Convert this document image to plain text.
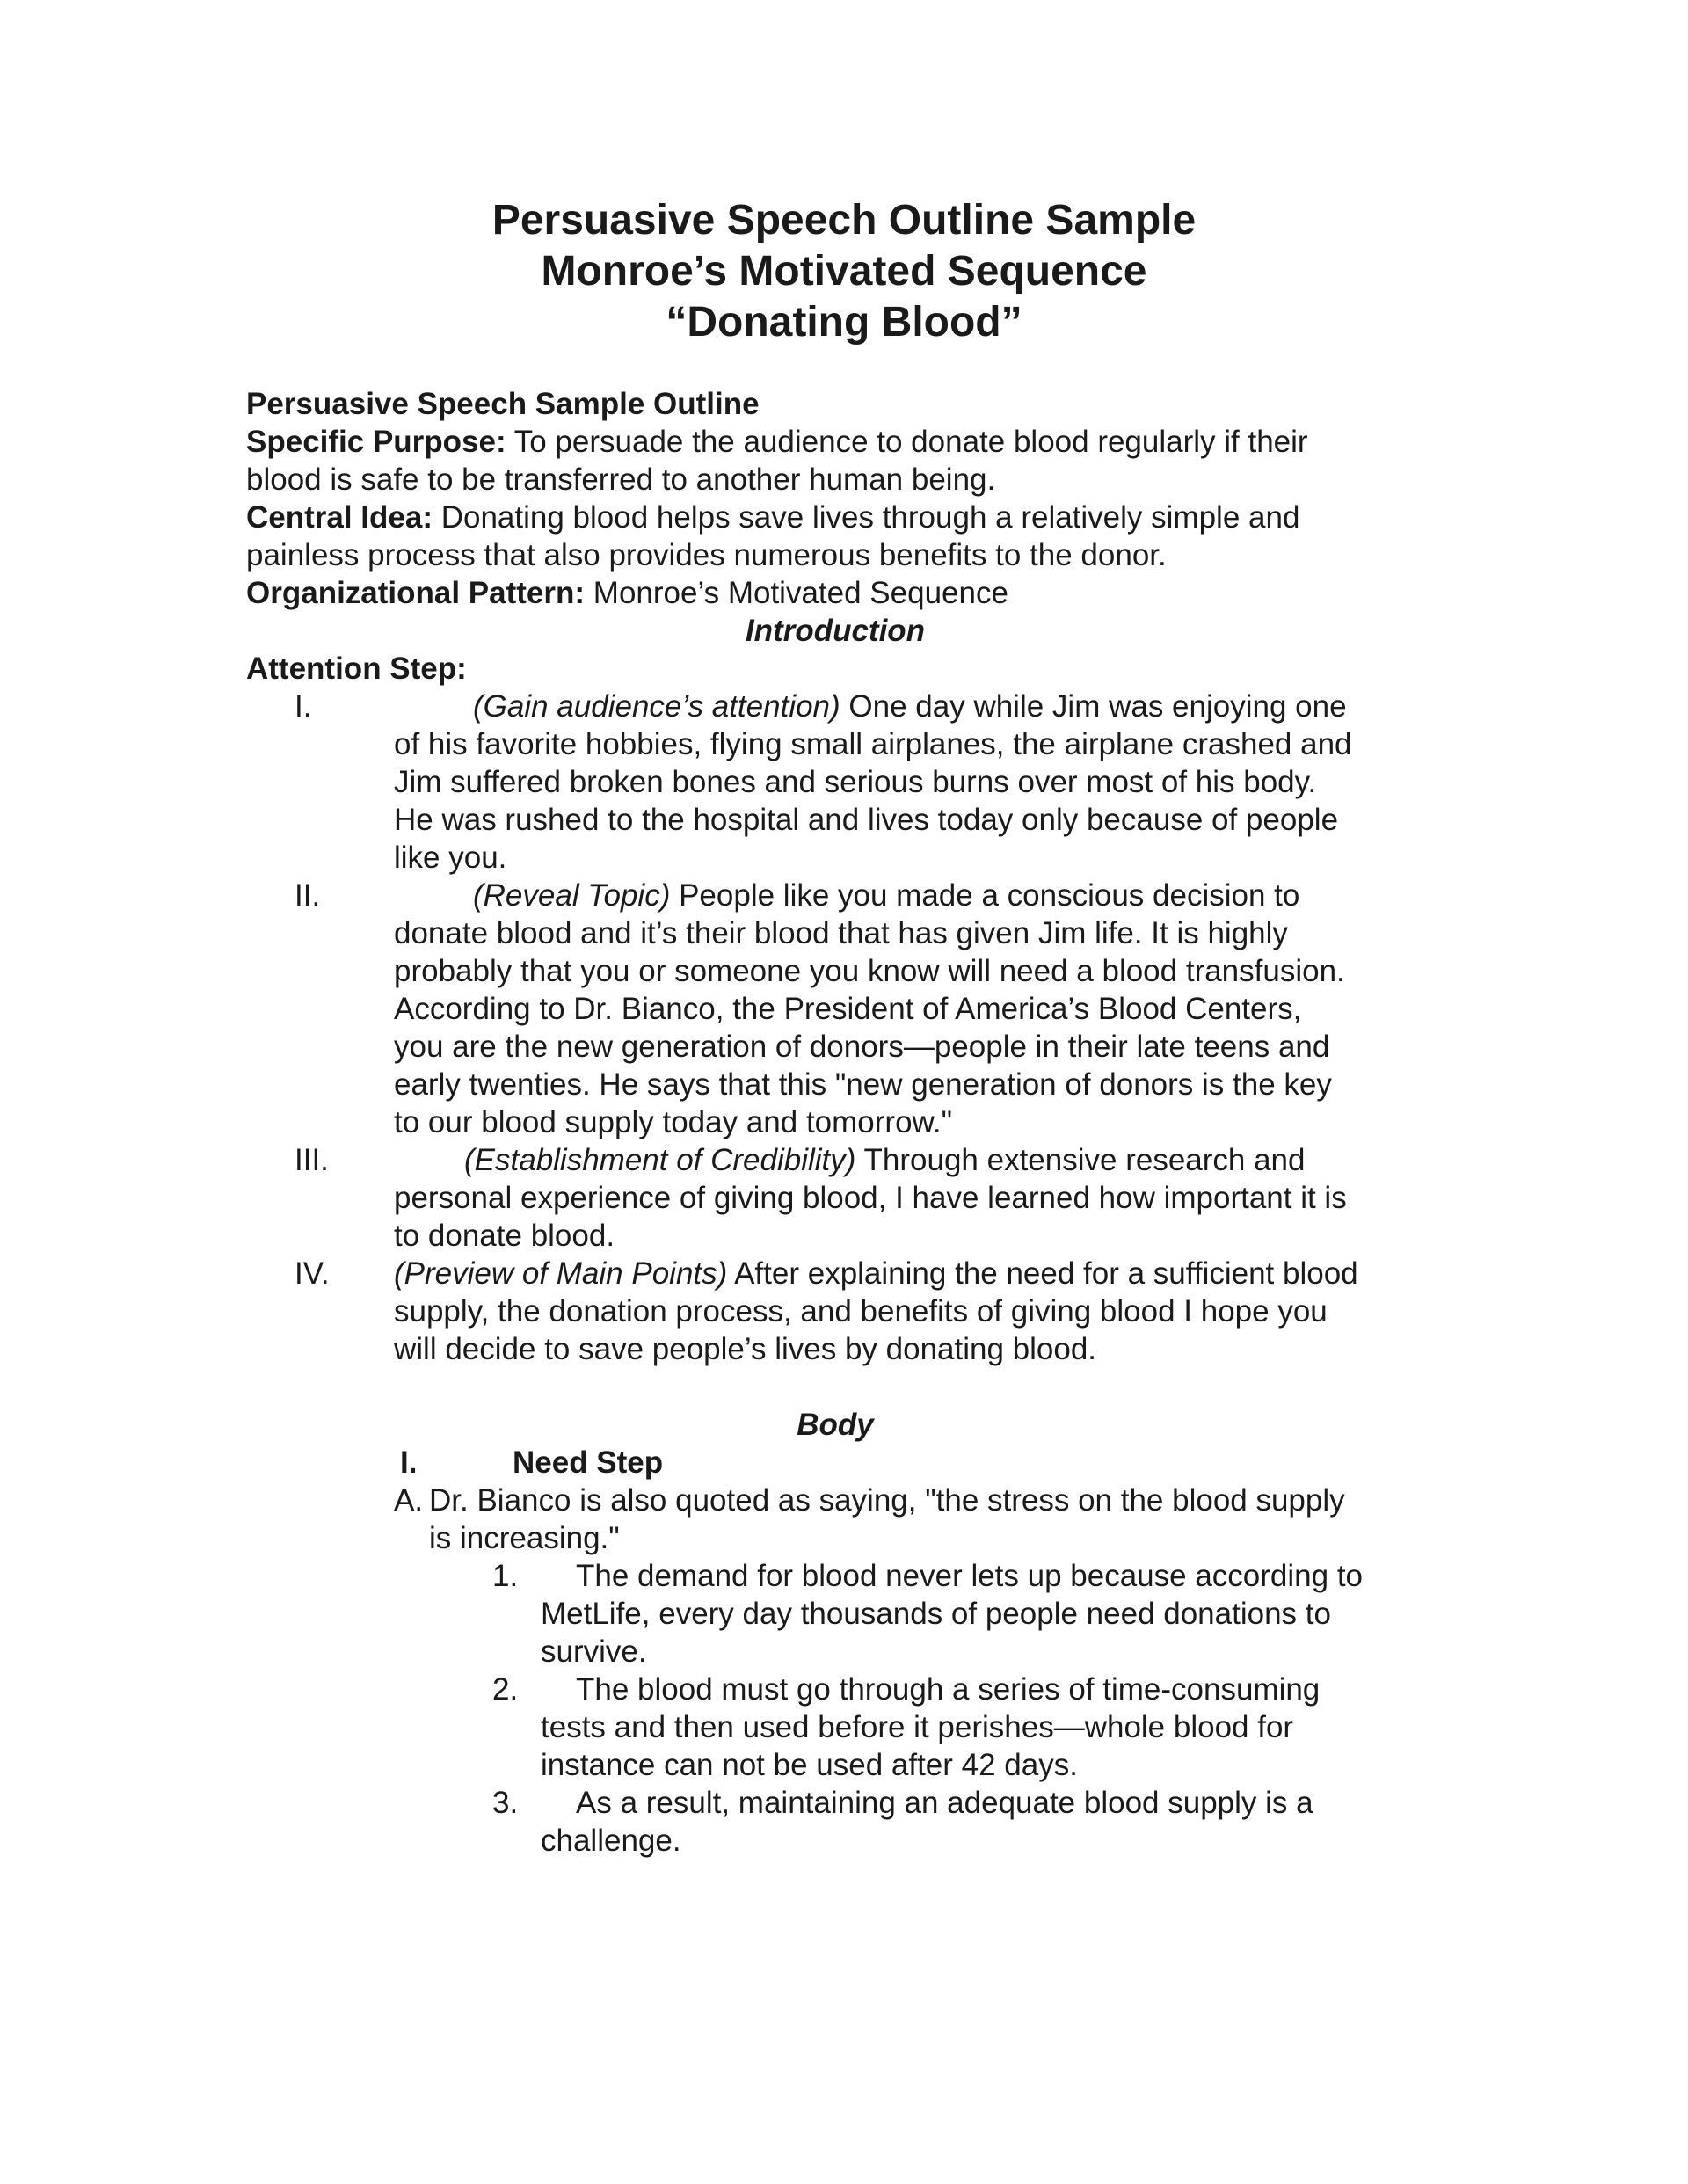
Persuasive Speech Outline Sample
Monroe’s Motivated Sequence
“Donating Blood”
Persuasive Speech Sample Outline
Specific Purpose: To persuade the audience to donate blood regularly if their
blood is safe to be transferred to another human being.
Central Idea: Donating blood helps save lives through a relatively simple and
painless process that also provides numerous benefits to the donor.
Organizational Pattern: Monroe’s Motivated Sequence
Introduction
Attention Step:
I.	(Gain audience’s attention) One day while Jim was enjoying one
of his favorite hobbies, flying small airplanes, the airplane crashed and
Jim suffered broken bones and serious burns over most of his body.
He was rushed to the hospital and lives today only because of people
like you.
II.	(Reveal Topic) People like you made a conscious decision to
donate blood and it’s their blood that has given Jim life. It is highly
probably that you or someone you know will need a blood transfusion.
According to Dr. Bianco, the President of America’s Blood Centers,
you are the new generation of donors—people in their late teens and
early twenties. He says that this "new generation of donors is the key
to our blood supply today and tomorrow."
III.	(Establishment of Credibility) Through extensive research and
personal experience of giving blood, I have learned how important it is
to donate blood.
IV. (Preview of Main Points) After explaining the need for a sufficient blood
supply, the donation process, and benefits of giving blood I hope you
will decide to save people’s lives by donating blood.
Body
I.	Need Step
A. Dr. Bianco is also quoted as saying, "the stress on the blood supply
is increasing."
1.	The demand for blood never lets up because according to
MetLife, every day thousands of people need donations to
survive.
2.	The blood must go through a series of time-consuming
tests and then used before it perishes—whole blood for
instance can not be used after 42 days.
3.	As a result, maintaining an adequate blood supply is a
challenge.
